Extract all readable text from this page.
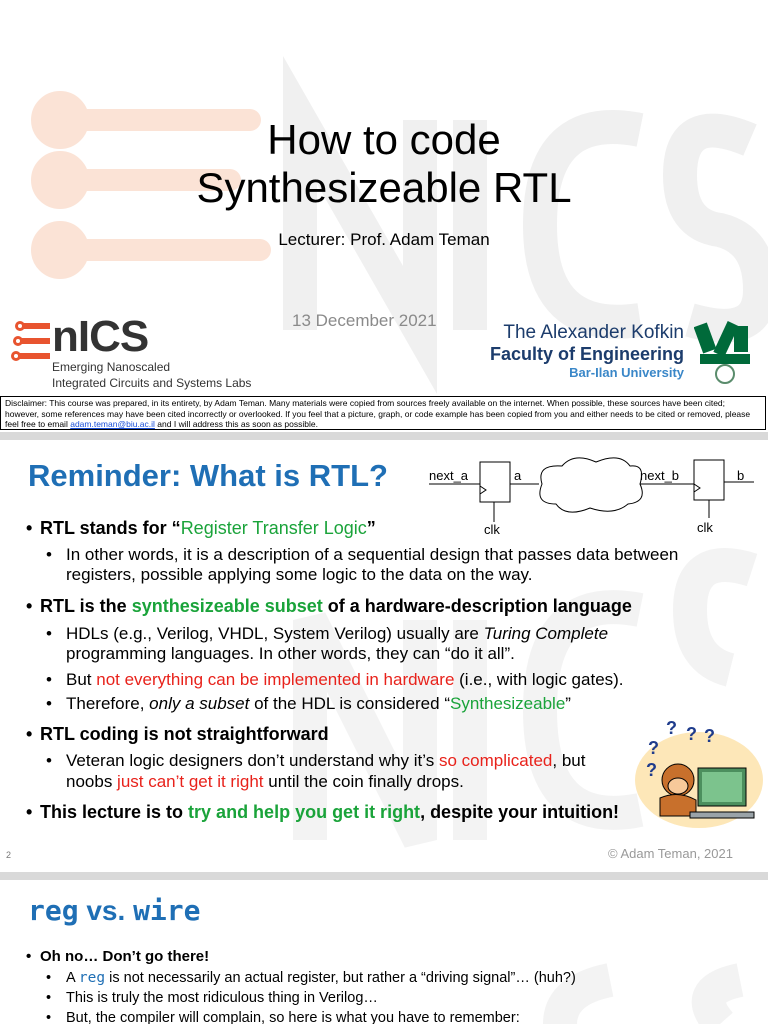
How to code
Synthesizeable RTL
Lecturer: Prof. Adam Teman
13 December 2021
nICS
Emerging Nanoscaled
Integrated Circuits and Systems Labs
The Alexander Kofkin
Faculty of Engineering
Bar-Ilan University
Disclaimer: This course was prepared, in its entirety, by Adam Teman. Many materials were copied from sources freely available on the internet. When possible, these sources have been cited; however, some references may have been cited incorrectly or overlooked. If you feel that a picture, graph, or code example has been copied from you and either needs to be cited or removed, please feel free to email adam.teman@biu.ac.il and I will address this as soon as possible.
Reminder: What is RTL?	next_a	a	next_b	b
clk	clk
• RTL stands for “Register Transfer Logic”
• In other words, it is a description of a sequential design that passes data between registers, possible applying some logic to the data on the way.
• RTL is the synthesizeable subset of a hardware-description language
• HDLs (e.g., Verilog, VHDL, System Verilog) usually are Turing Complete programming languages. In other words, they can “do it all”.
• But not everything can be implemented in hardware (i.e., with logic gates).
• Therefore, only a subset of the HDL is considered “Synthesizeable”
• RTL coding is not straightforward
• Veteran logic designers don’t understand why it’s so complicated, but noobs just can’t get it right until the coin finally drops.
• This lecture is to try and help you get it right, despite your intuition!
?
? ? ?
?
2	© Adam Teman, 2021
reg vs. wire
• Oh no… Don’t go there!
•	A reg is not necessarily an actual register, but rather a “driving signal”… (huh?)
•	This is truly the most ridiculous thing in Verilog…
•	But, the compiler will complain, so here is what you have to remember:
